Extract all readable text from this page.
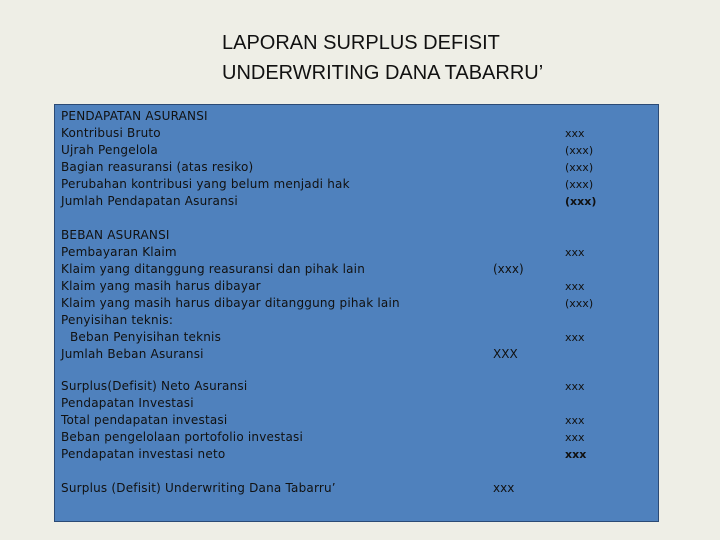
LAPORAN SURPLUS DEFISIT
UNDERWRITING DANA TABARRU’
PENDAPATAN ASURANSI
Kontribusi Bruto	xxx
Ujrah Pengelola	(xxx)
Bagian reasuransi (atas resiko)	(xxx)
Perubahan kontribusi yang belum menjadi hak	(xxx)
Jumlah Pendapatan Asuransi	(xxx)
BEBAN ASURANSI
Pembayaran Klaim	xxx
Klaim yang ditanggung reasuransi dan pihak lain	(xxx)
Klaim yang masih harus dibayar	xxx
Klaim yang masih harus dibayar ditanggung pihak lain	(xxx)
Penyisihan teknis:
Beban Penyisihan teknis	xxx
Jumlah Beban Asuransi	XXX
Surplus(Defisit) Neto Asuransi	xxx
Pendapatan Investasi
Total pendapatan investasi	xxx
Beban pengelolaan portofolio investasi	xxx
Pendapatan investasi neto	xxx
Surplus (Defisit) Underwriting Dana Tabarru’	xxx
